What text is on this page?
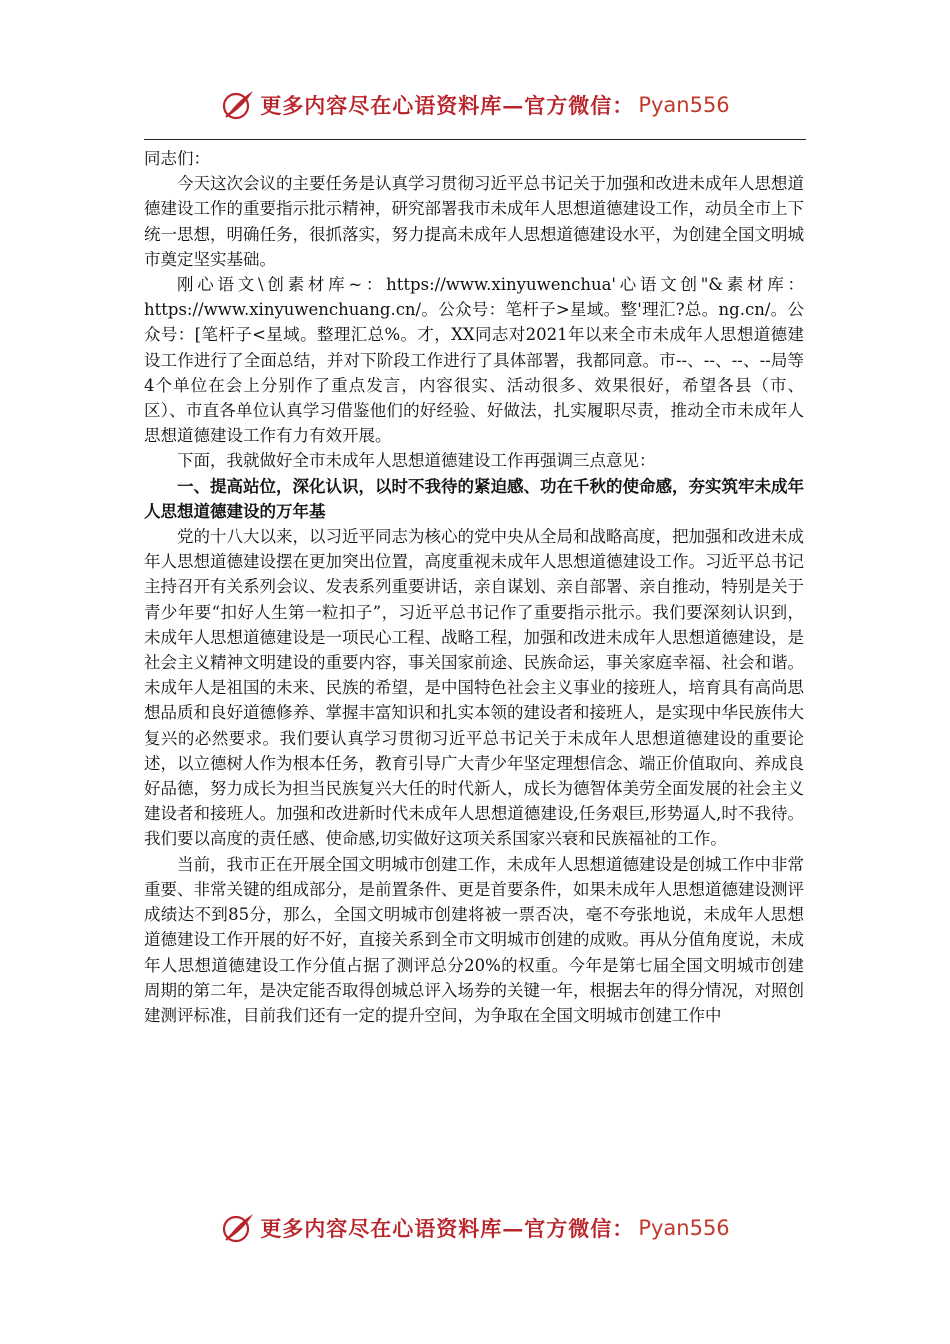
更多内容尽在心语资料库—官方微信： Pyan556

同志们：

今天这次会议的主要任务是认真学习贯彻习近平总书记关于加强和改进未成年人思想道德建设工作的重要指示批示精神，研究部署我市未成年人思想道德建设工作，动员全市上下统一思想，明确任务，很抓落实，努力提高未成年人思想道德建设水平，为创建全国文明城市奠定坚实基础。

刚心语文\创素材库~：https://www.xinyuwenchua'心语文创"&素材库：https://www.xinyuwenchuang.cn/。公众号：笔杆子>星域。整'理汇?总。ng.cn/。公众号：[笔杆子<星域。整理汇总%。才，XX同志对2021年以来全市未成年人思想道德建设工作进行了全面总结，并对下阶段工作进行了具体部署，我都同意。市--、--、--、--局等4个单位在会上分别作了重点发言，内容很实、活动很多、效果很好，希望各县（市、区）、市直各单位认真学习借鉴他们的好经验、好做法，扎实履职尽责，推动全市未成年人思想道德建设工作有力有效开展。

下面，我就做好全市未成年人思想道德建设工作再强调三点意见：

一、提高站位，深化认识，以时不我待的紧迫感、功在千秋的使命感，夯实筑牢未成年人思想道德建设的万年基

党的十八大以来，以习近平同志为核心的党中央从全局和战略高度，把加强和改进未成年人思想道德建设摆在更加突出位置，高度重视未成年人思想道德建设工作。习近平总书记主持召开有关系列会议、发表系列重要讲话，亲自谋划、亲自部署、亲自推动，特别是关于青少年要“扣好人生第一粒扣子”，习近平总书记作了重要指示批示。我们要深刻认识到，未成年人思想道德建设是一项民心工程、战略工程，加强和改进未成年人思想道德建设，是社会主义精神文明建设的重要内容，事关国家前途、民族命运，事关家庭幸福、社会和谐。未成年人是祖国的未来、民族的希望，是中国特色社会主义事业的接班人，培育具有高尚思想品质和良好道德修养、掌握丰富知识和扎实本领的建设者和接班人，是实现中华民族伟大复兴的必然要求。我们要认真学习贯彻习近平总书记关于未成年人思想道德建设的重要论述，以立德树人作为根本任务，教育引导广大青少年坚定理想信念、端正价值取向、养成良好品德，努力成长为担当民族复兴大任的时代新人，成长为德智体美劳全面发展的社会主义建设者和接班人。加强和改进新时代未成年人思想道德建设,任务艰巨,形势逼人,时不我待。我们要以高度的责任感、使命感,切实做好这项关系国家兴衰和民族福祉的工作。

当前，我市正在开展全国文明城市创建工作，未成年人思想道德建设是创城工作中非常重要、非常关键的组成部分，是前置条件、更是首要条件，如果未成年人思想道德建设测评成绩达不到85分，那么，全国文明城市创建将被一票否决，毫不夸张地说，未成年人思想道德建设工作开展的好不好，直接关系到全市文明城市创建的成败。再从分值角度说，未成年人思想道德建设工作分值占据了测评总分20%的权重。今年是第七届全国文明城市创建周期的第二年，是决定能否取得创城总评入场券的关键一年，根据去年的得分情况，对照创建测评标准，目前我们还有一定的提升空间，为争取在全国文明城市创建工作中

更多内容尽在心语资料库—官方微信： Pyan556
